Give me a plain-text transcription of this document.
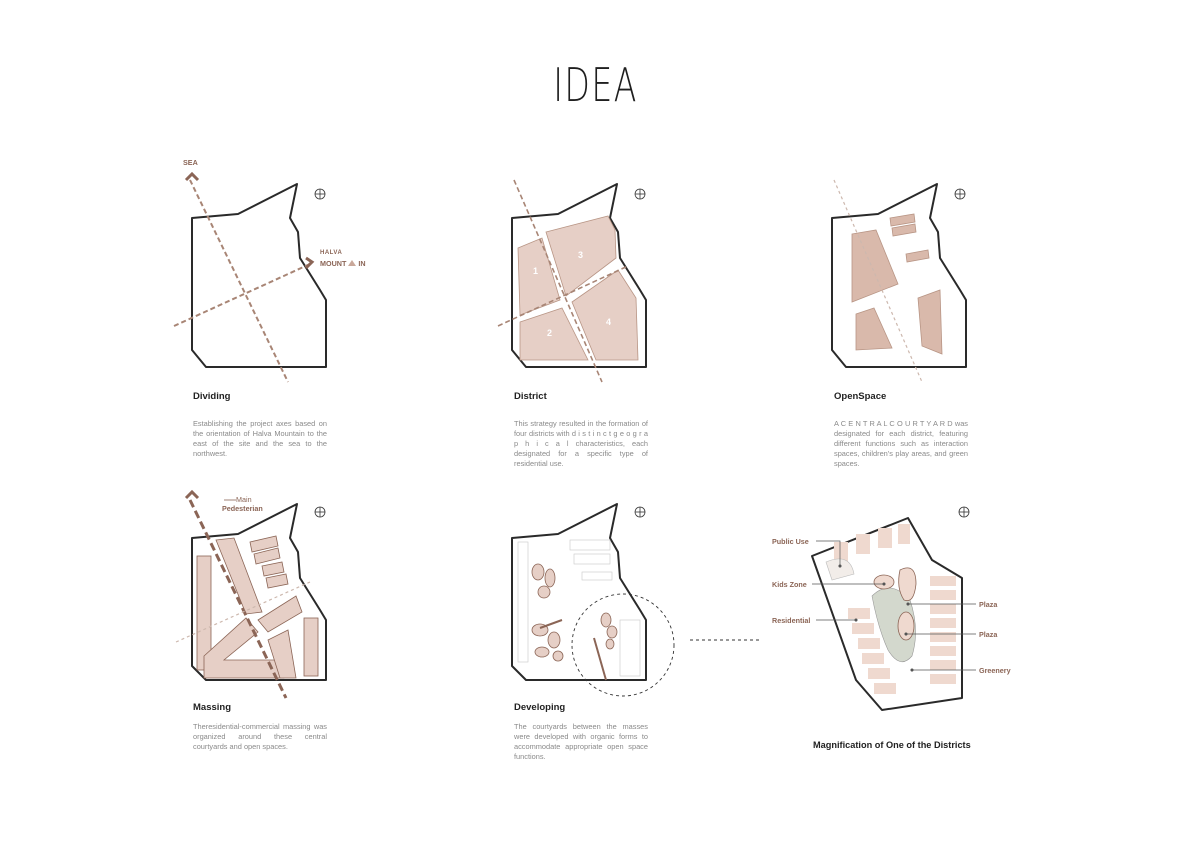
IDEA
SEA
HALVA
MOUNT IN
Dividing
Establishing the project axes based on the orientation of Halva Mountain to the east of the site and the sea to the northwest.
1
2
3
4
District
This strategy resulted in the formation of four districts with d i s t i n c t g e o g r a p h i c a l characteristics, each designated for a specific type of residential use.
OpenSpace
A C E N T R A L C O U R T Y A R D was designated for each district, featuring different functions such as interaction spaces, children's play areas, and green spaces.
Main
Pedesterian
Massing
Theresidential-commercial massing was organized around these central courtyards and open spaces.
Developing
The courtyards between the masses were developed with organic forms to accommodate appropriate open space functions.
Public Use
Kids Zone
Residential
Plaza
Plaza
Greenery
Magnification of One of the Districts
